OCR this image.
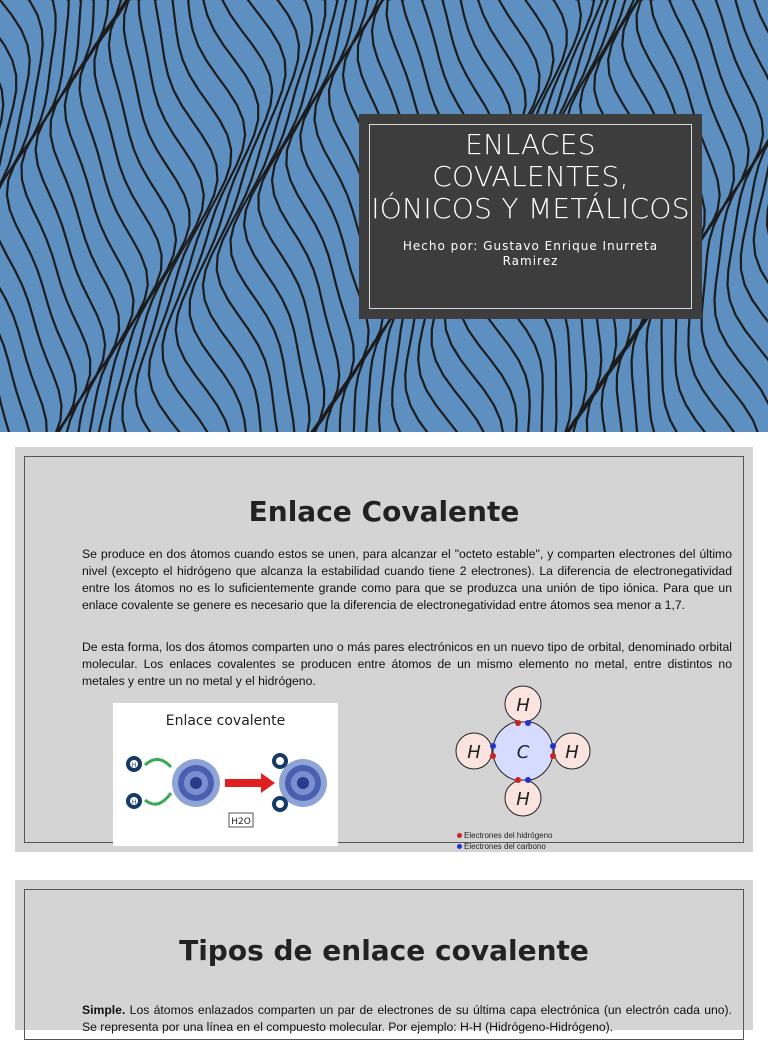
ENLACES COVALENTES, IÓNICOS Y METÁLICOS
Hecho por: Gustavo Enrique Inurreta Ramirez
Enlace Covalente
Se produce en dos átomos cuando estos se unen, para alcanzar el "octeto estable", y comparten electrones del último nivel (excepto el hidrógeno que alcanza la estabilidad cuando tiene 2 electrones). La diferencia de electronegatividad entre los átomos no es lo suficientemente grande como para que se produzca una unión de tipo iónica. Para que un enlace covalente se genere es necesario que la diferencia de electronegatividad entre átomos sea menor a 1,7.
De esta forma, los dos átomos comparten uno o más pares electrónicos en un nuevo tipo de orbital, denominado orbital molecular. Los enlaces covalentes se producen entre átomos de un mismo elemento no metal, entre distintos no metales y entre un no metal y el hidrógeno.
Enlace covalente
H
H
H2O
C
H
H
H	H
Electrones del hidrógeno
Electrones del carbono
Tipos de enlace covalente
Simple. Los átomos enlazados comparten un par de electrones de su última capa electrónica (un electrón cada uno). Se representa por una línea en el compuesto molecular. Por ejemplo: H-H (Hidrógeno-Hidrógeno).
